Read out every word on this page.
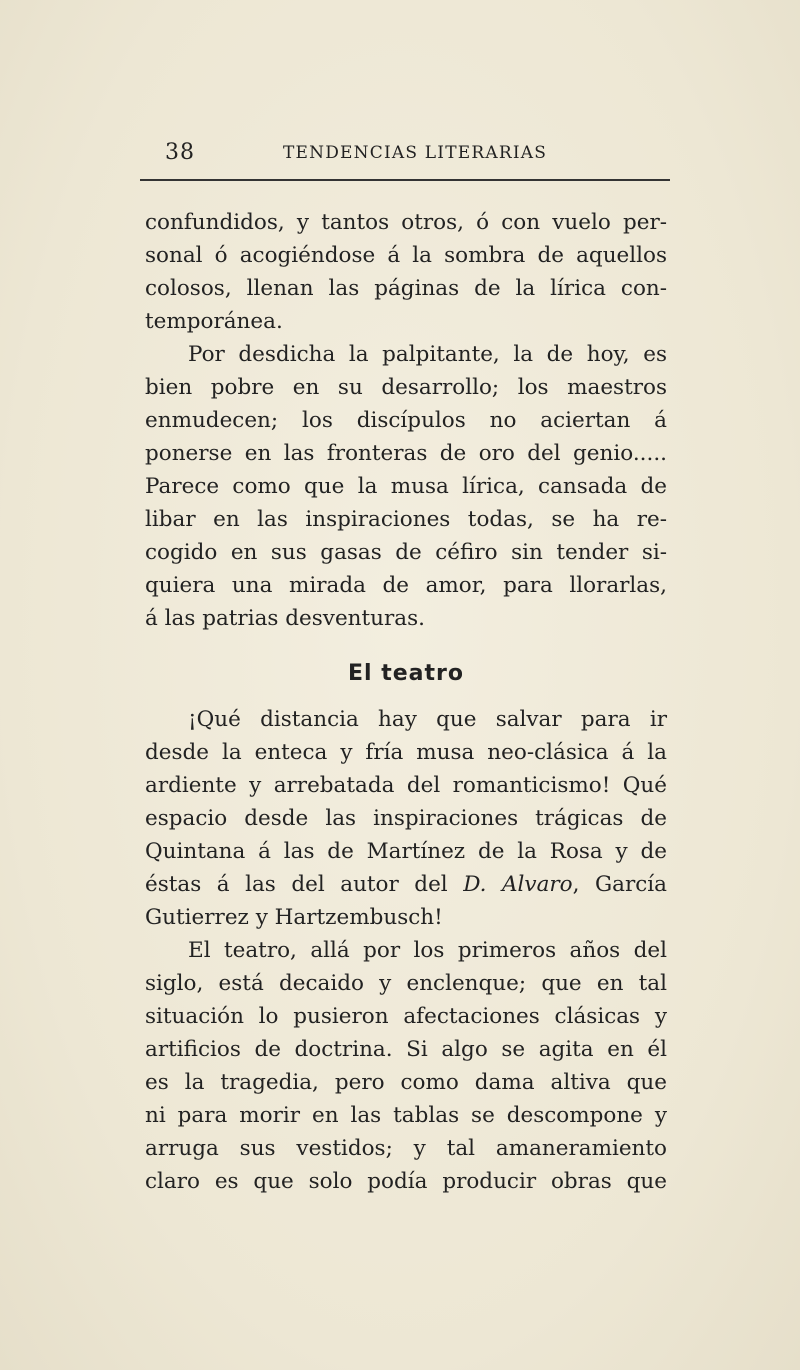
38	TENDENCIAS LITERARIAS
confundidos, y tantos otros, ó con vuelo per-
sonal ó acogiéndose á la sombra de aquellos
colosos, llenan las páginas de la lírica con-
temporánea.
Por desdicha la palpitante, la de hoy, es
bien pobre en su desarrollo; los maestros
enmudecen; los discípulos no aciertan á
ponerse en las fronteras de oro del genio.....
Parece como que la musa lírica, cansada de
libar en las inspiraciones todas, se ha re-
cogido en sus gasas de céfiro sin tender si-
quiera una mirada de amor, para llorarlas,
á las patrias desventuras.
El teatro
¡Qué distancia hay que salvar para ir
desde la enteca y fría musa neo-clásica á la
ardiente y arrebatada del romanticismo! Qué
espacio desde las inspiraciones trágicas de
Quintana á las de Martínez de la Rosa y de
éstas á las del autor del D. Alvaro, García
Gutierrez y Hartzembusch!
El teatro, allá por los primeros años del
siglo, está decaido y enclenque; que en tal
situación lo pusieron afectaciones clásicas y
artificios de doctrina. Si algo se agita en él
es la tragedia, pero como dama altiva que
ni para morir en las tablas se descompone y
arruga sus vestidos; y tal amaneramiento
claro es que solo podía producir obras que
